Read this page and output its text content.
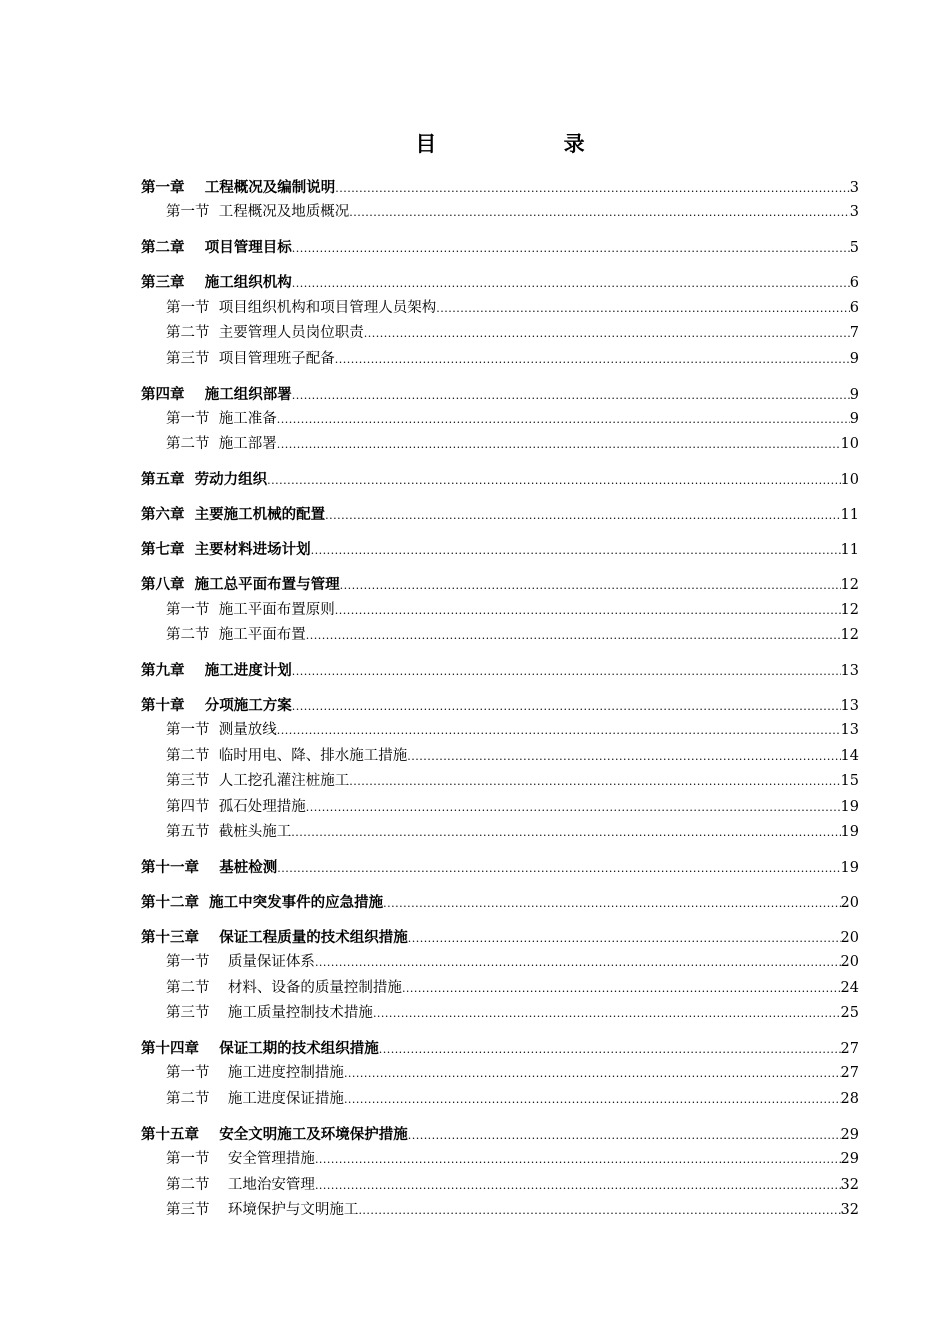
目 录
第一章    工程概况及编制说明 .....	3
第一节  工程概况及地质概况 .....	3
第二章    项目管理目标 .....	5
第三章    施工组织机构 .....	6
第一节  项目组织机构和项目管理人员架构 .....	6
第二节  主要管理人员岗位职责 .....	7
第三节  项目管理班子配备 .....	9
第四章    施工组织部署 .....	9
第一节  施工准备 .....	9
第二节  施工部署 .....	10
第五章  劳动力组织 .....	10
第六章  主要施工机械的配置 .....	11
第七章  主要材料进场计划 .....	11
第八章  施工总平面布置与管理 .....	12
第一节  施工平面布置原则 .....	12
第二节  施工平面布置 .....	12
第九章    施工进度计划 .....	13
第十章    分项施工方案 .....	13
第一节  测量放线 .....	13
第二节  临时用电、降、排水施工措施 .....	14
第三节  人工挖孔灌注桩施工 .....	15
第四节  孤石处理措施 .....	19
第五节  截桩头施工 .....	19
第十一章    基桩检测 .....	19
第十二章  施工中突发事件的应急措施 .....	20
第十三章    保证工程质量的技术组织措施 .....	20
第一节    质量保证体系 .....	20
第二节    材料、设备的质量控制措施 .....	24
第三节    施工质量控制技术措施 .....	25
第十四章    保证工期的技术组织措施 .....	27
第一节    施工进度控制措施 .....	27
第二节    施工进度保证措施 .....	28
第十五章    安全文明施工及环境保护措施 .....	29
第一节    安全管理措施 .....	29
第二节    工地治安管理 .....	32
第三节    环境保护与文明施工 .....	32
